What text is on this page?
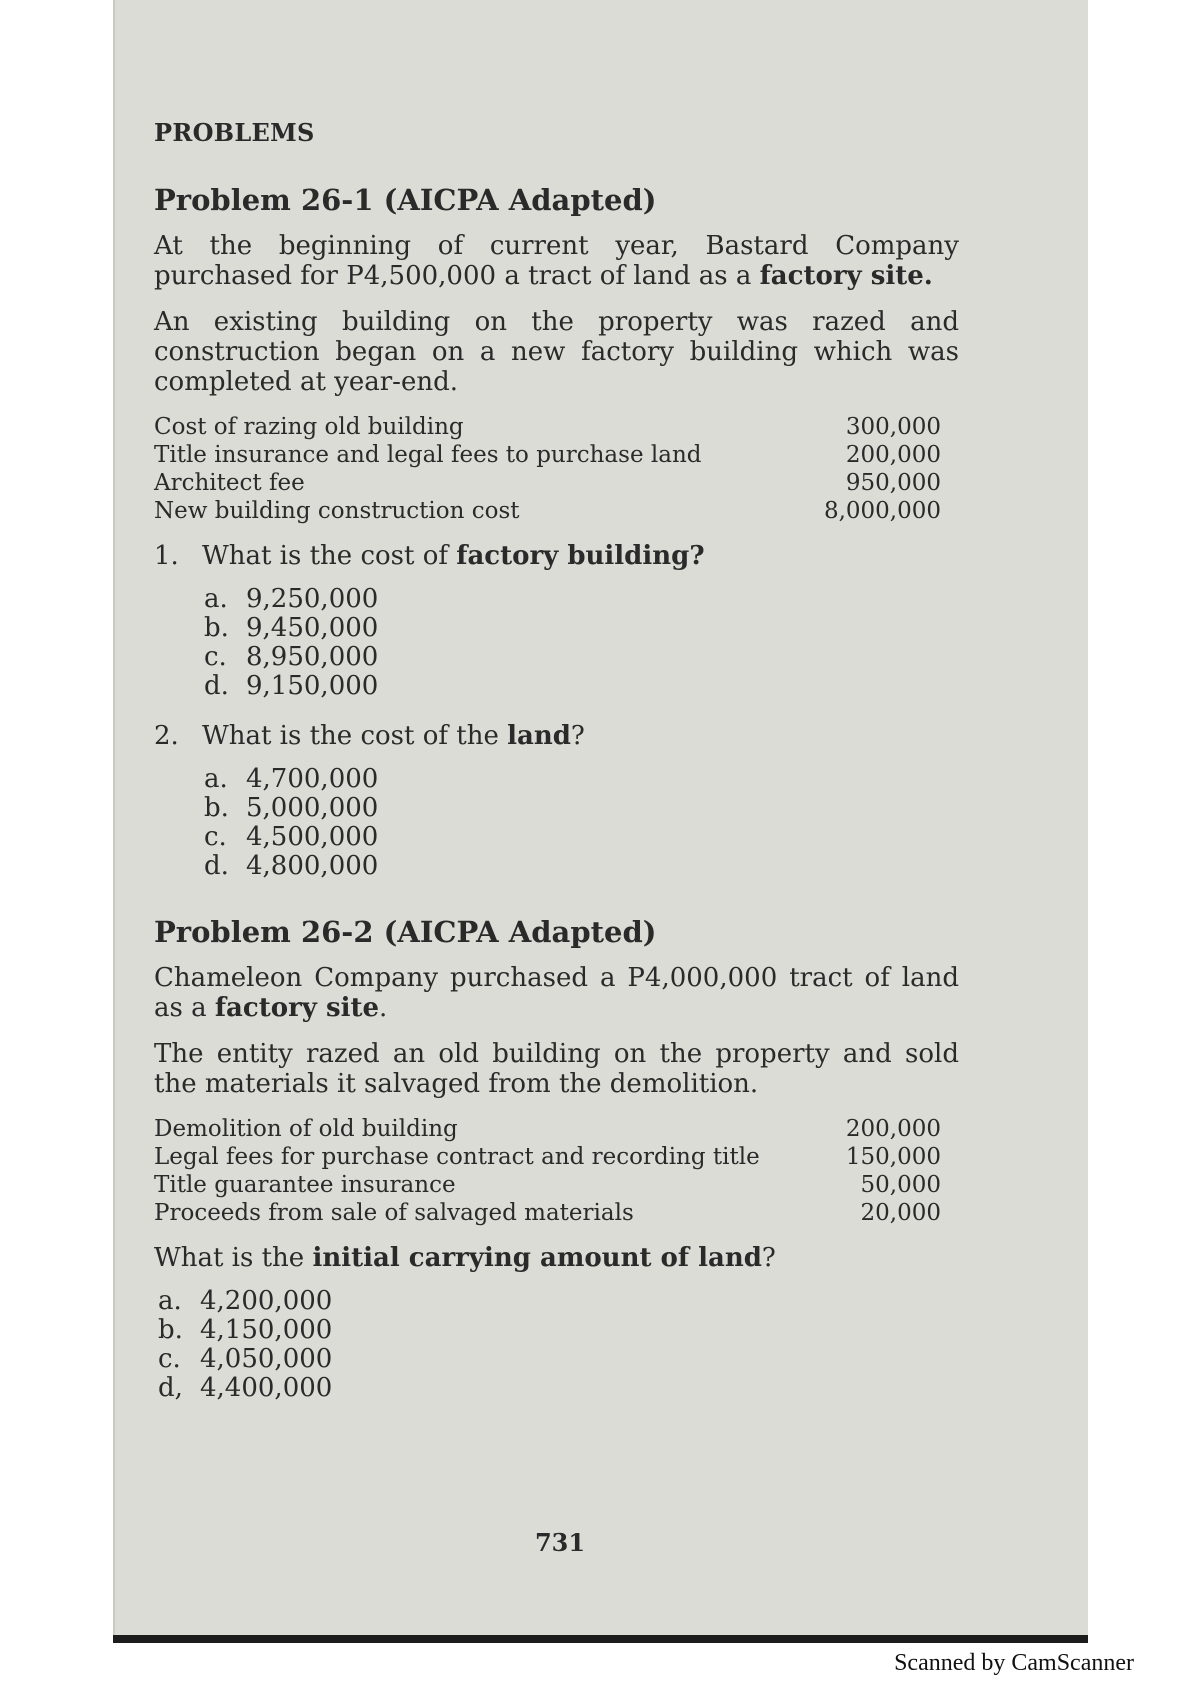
PROBLEMS
Problem 26-1 (AICPA Adapted)
At the beginning of current year, Bastard Company purchased for P4,500,000 a tract of land as a factory site.
An existing building on the property was razed and construction began on a new factory building which was completed at year-end.
Cost of razing old building	300,000
Title insurance and legal fees to purchase land	200,000
Architect fee	950,000
New building construction cost	8,000,000
1. What is the cost of factory building?
a. 9,250,000
b. 9,450,000
c. 8,950,000
d. 9,150,000
2. What is the cost of the land?
a. 4,700,000
b. 5,000,000
c. 4,500,000
d. 4,800,000
Problem 26-2 (AICPA Adapted)
Chameleon Company purchased a P4,000,000 tract of land as a factory site.
The entity razed an old building on the property and sold the materials it salvaged from the demolition.
Demolition of old building	200,000
Legal fees for purchase contract and recording title	150,000
Title guarantee insurance	50,000
Proceeds from sale of salvaged materials	20,000
What is the initial carrying amount of land?
a. 4,200,000
b. 4,150,000
c. 4,050,000
d, 4,400,000
731
Scanned by CamScanner
